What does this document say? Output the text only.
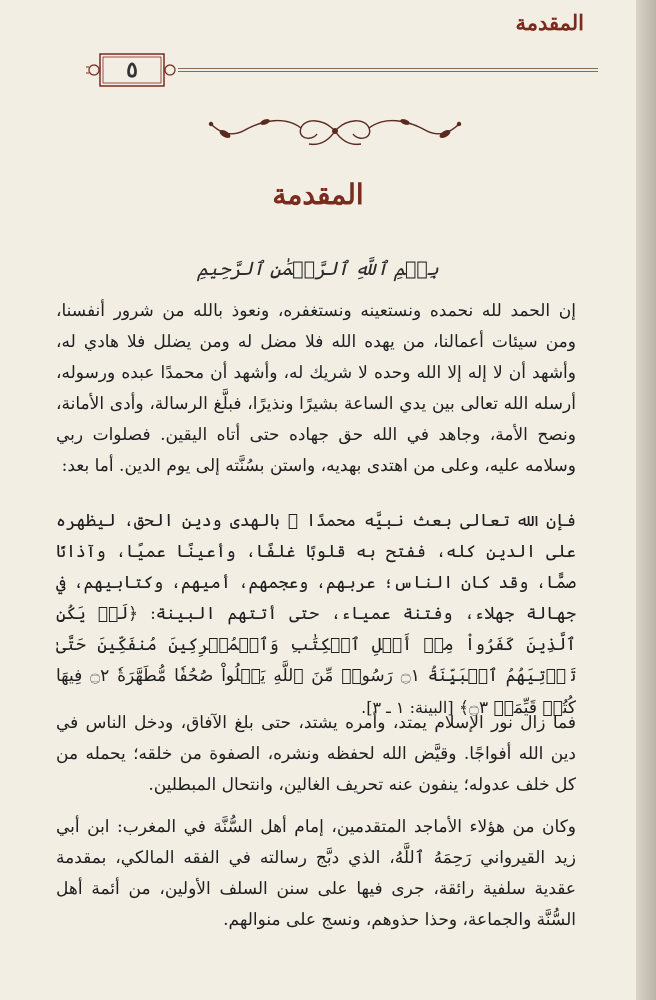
المقدمة
٥
المقدمة
بِسۡمِ ٱللَّهِ ٱلرَّحۡمَٰنِ ٱلرَّحِيمِ

إن الحمد لله نحمده ونستعينه ونستغفره، ونعوذ بالله من شرور أنفسنا، ومن سيئات أعمالنا، من يهده الله فلا مضل له ومن يضلل فلا هادي له، وأشهد أن لا إله إلا الله وحده لا شريك له، وأشهد أن محمدًا عبده ورسوله، أرسله الله تعالى بين يدي الساعة بشيرًا ونذيرًا، فبلَّغ الرسالة، وأدى الأمانة، ونصح الأمة، وجاهد في الله حق جهاده حتى أتاه اليقين. فصلوات ربي وسلامه عليه، وعلى من اهتدى بهديه، واستن بسُنَّته إلى يوم الدين. أما بعد:

فإن الله تعالى بعث نبيَّه محمدًا ﷺ بالهدى ودين الحق، ليظهره على الدين كله، ففتح به قلوبًا غلفًا، وأعينًا عميًا، وآذانًا صمًّا، وقد كان الناس؛ عربهم، وعجمهم، أميهم، وكتابيهم، في جهالة جهلاء، وفتنة عمياء، حتى أتتهم البينة: ﴿لَمۡ يَكُنِ ٱلَّذِينَ كَفَرُواْ مِنۡ أَهۡلِ ٱلۡكِتَٰبِ وَٱلۡمُشۡرِكِينَ مُنفَكِّينَ حَتَّىٰ تَأۡتِيَهُمُ ٱلۡبَيِّنَةُ ۝١ رَسُولٞ مِّنَ ٱللَّهِ يَتۡلُواْ صُحُفٗا مُّطَهَّرَةٗ ۝٢ فِيهَا كُتُبٞ قَيِّمَةٞ ۝٣﴾ [البينة: ١ ـ ٣].

فما زال نور الإسلام يمتد، وأمره يشتد، حتى بلغ الآفاق، ودخل الناس في دين الله أفواجًا. وقيَّض الله لحفظه ونشره، الصفوة من خلقه؛ يحمله من كل خلف عدوله؛ ينفون عنه تحريف الغالين، وانتحال المبطلين.

وكان من هؤلاء الأماجد المتقدمين، إمام أهل السُّنَّة في المغرب: ابن أبي زيد القيرواني رَحِمَهُ ٱللَّهُ، الذي دبَّج رسالته في الفقه المالكي، بمقدمة عقدية سلفية رائقة، جرى فيها على سنن السلف الأولين، من أئمة أهل السُّنَّة والجماعة، وحذا حذوهم، ونسج على منوالهم.
